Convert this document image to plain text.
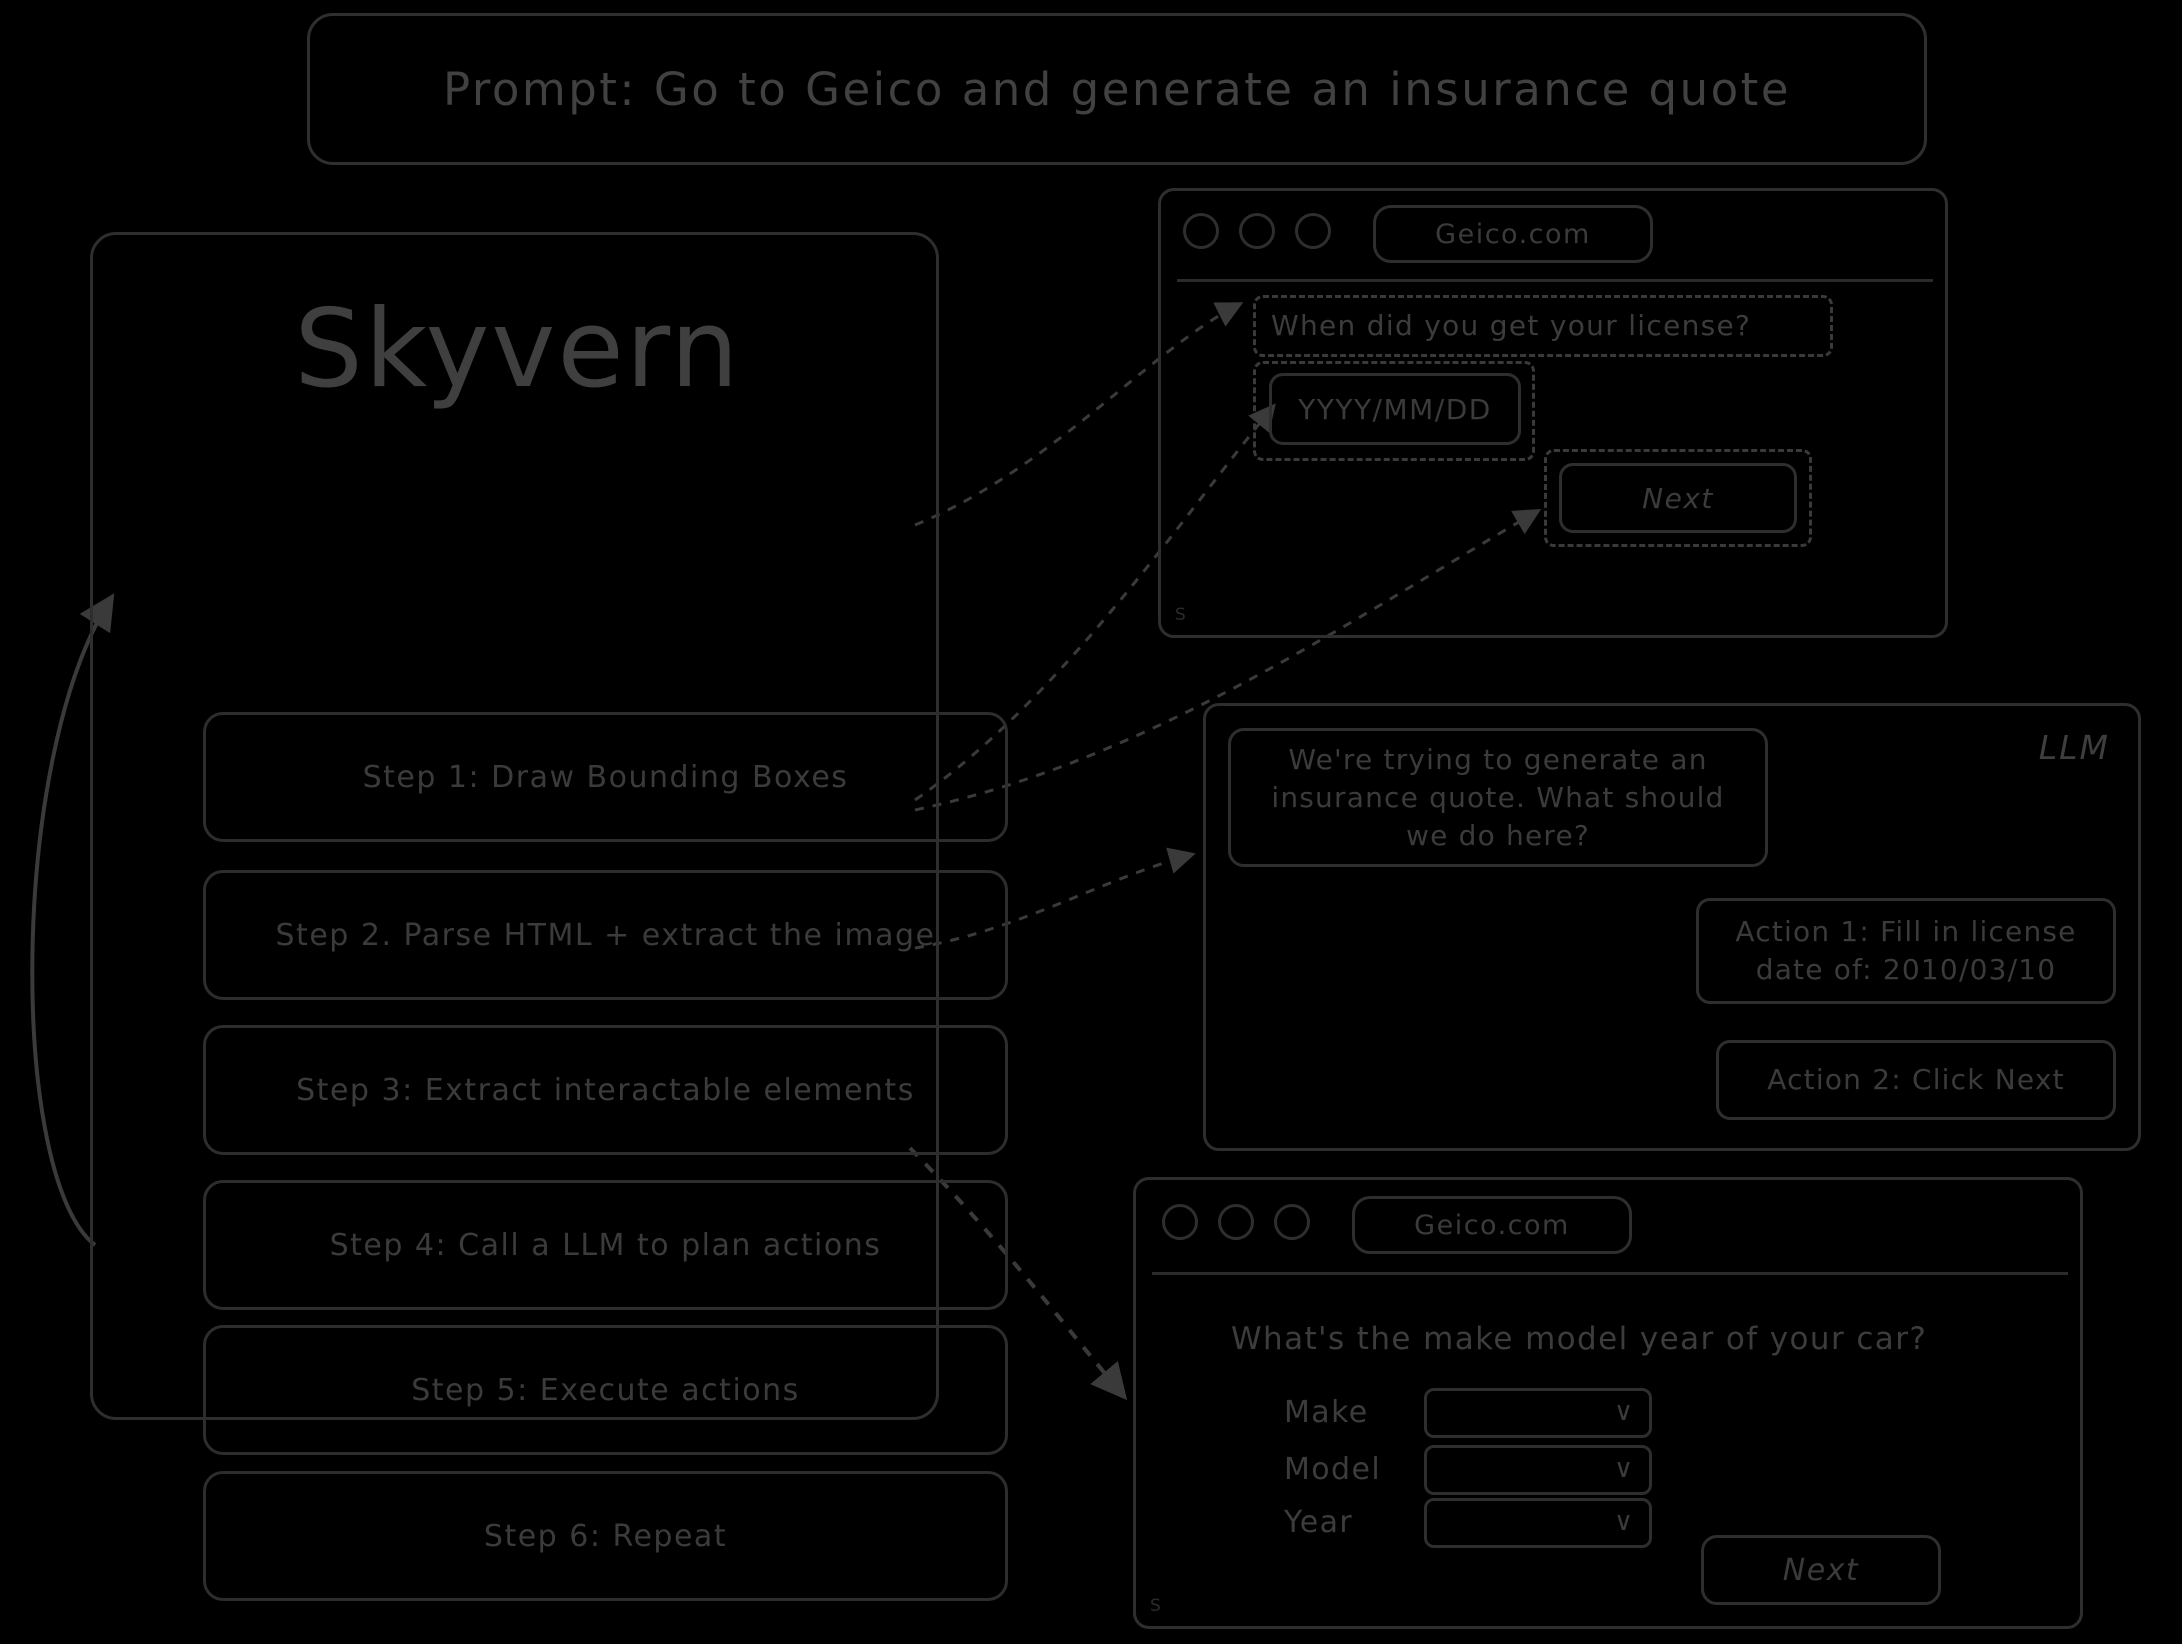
Prompt: Go to Geico and generate an insurance quote
Skyvern
Step 1: Draw Bounding Boxes
Step 2. Parse HTML + extract the image
Step 3: Extract interactable elements
Step 4: Call a LLM to plan actions
Step 5: Execute actions
Step 6: Repeat
Geico.com
When did you get your license?
YYYY/MM/DD
Next
S
LLM
We're trying to generate an insurance quote. What should we do here?
Action 1: Fill in license date of: 2010/03/10
Action 2: Click Next
Geico.com
What's the make model year of your car?
Make	∨
Model	∨
Year	∨
Next
S
